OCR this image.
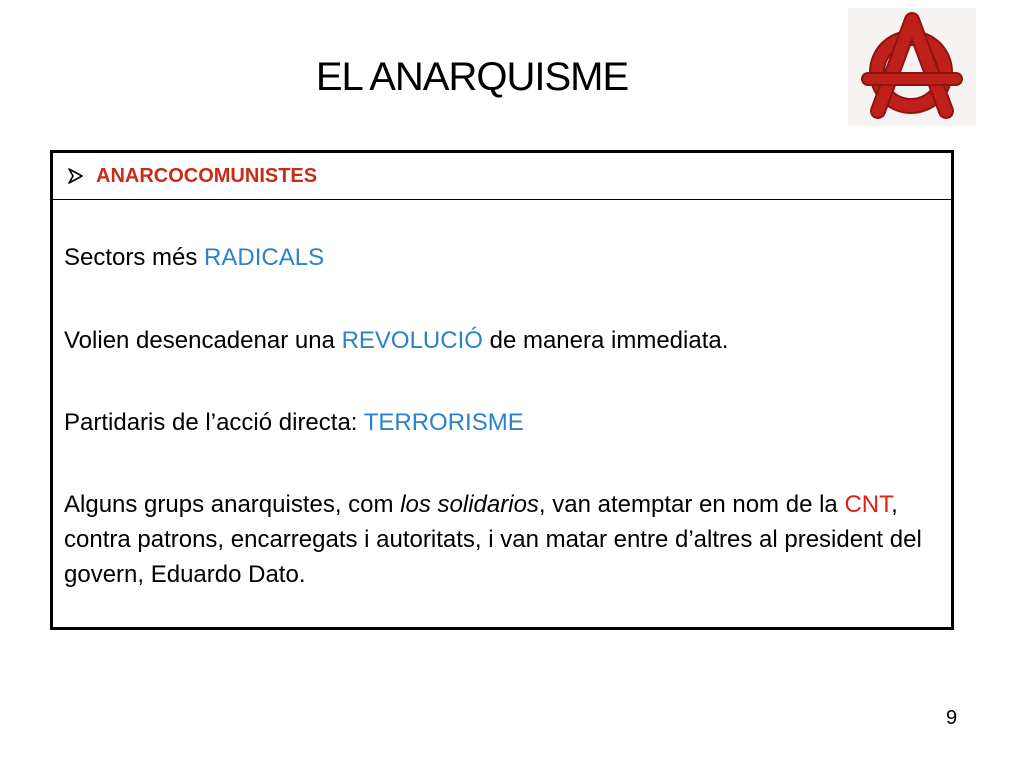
EL ANARQUISME
ANARCOCOMUNISTES
Sectors més RADICALS
Volien desencadenar una REVOLUCIÓ de manera immediata.
Partidaris de l’acció directa: TERRORISME
Alguns grups anarquistes, com los solidarios, van atemptar en nom de la CNT, contra patrons, encarregats i autoritats, i van matar entre d’altres al president del govern, Eduardo Dato.
9
